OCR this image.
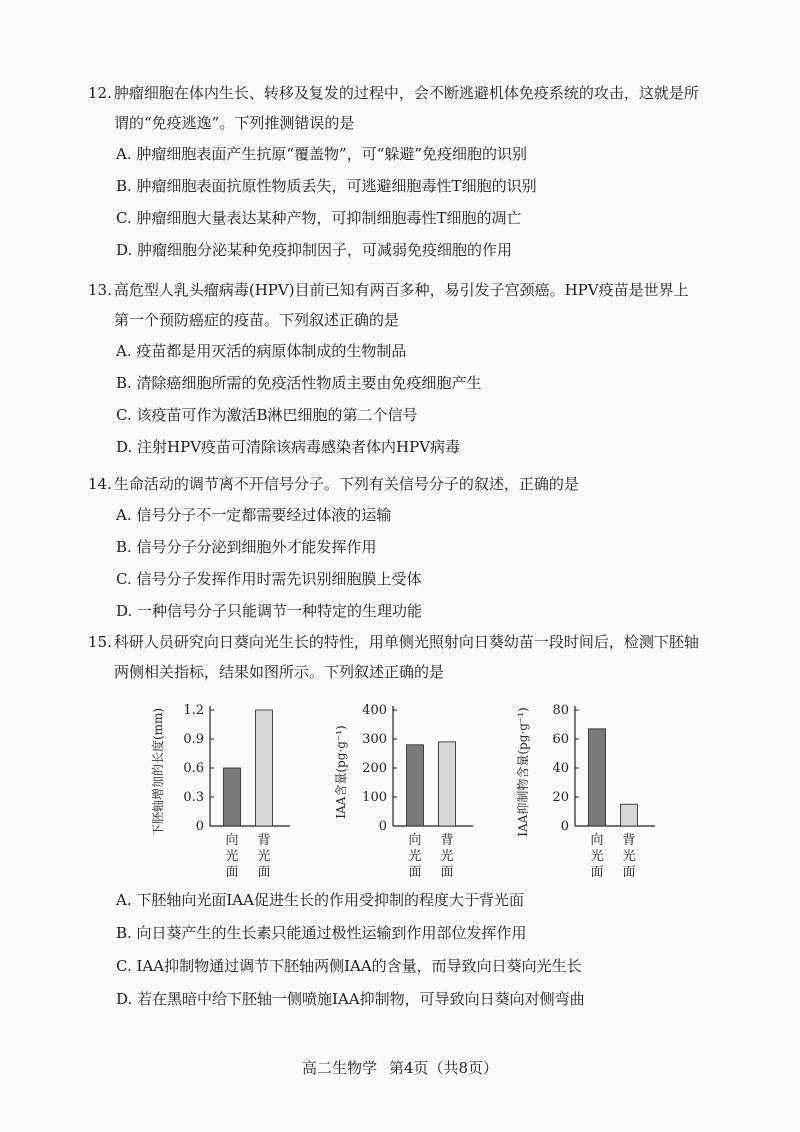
12. 肿瘤细胞在体内生长、转移及复发的过程中，会不断逃避机体免疫系统的攻击，这就是所

谓的“免疫逃逸”。下列推测错误的是

A. 肿瘤细胞表面产生抗原“覆盖物”，可“躲避”免疫细胞的识别

B. 肿瘤细胞表面抗原性物质丢失，可逃避细胞毒性T细胞的识别

C. 肿瘤细胞大量表达某种产物，可抑制细胞毒性T细胞的凋亡

D. 肿瘤细胞分泌某种免疫抑制因子，可减弱免疫细胞的作用

13. 高危型人乳头瘤病毒(HPV)目前已知有两百多种，易引发子宫颈癌。HPV疫苗是世界上

第一个预防癌症的疫苗。下列叙述正确的是

A. 疫苗都是用灭活的病原体制成的生物制品

B. 清除癌细胞所需的免疫活性物质主要由免疫细胞产生

C. 该疫苗可作为激活B淋巴细胞的第二个信号

D. 注射HPV疫苗可清除该病毒感染者体内HPV病毒

14. 生命活动的调节离不开信号分子。下列有关信号分子的叙述，正确的是

A. 信号分子不一定都需要经过体液的运输

B. 信号分子分泌到细胞外才能发挥作用

C. 信号分子发挥作用时需先识别细胞膜上受体

D. 一种信号分子只能调节一种特定的生理功能

15. 科研人员研究向日葵向光生长的特性，用单侧光照射向日葵幼苗一段时间后，检测下胚轴

两侧相关指标，结果如图所示。下列叙述正确的是

下胚轴增加的长度(mm) 0
0.3
0.6
0.9
1.2
向
光
面
背
光
面
IAA含量(pg·g⁻¹)
0
100
200
300
400
向
光
面
背
光
面
IAA抑制物含量(pg·g⁻¹) 0
20
40
60
80
向
光
面
背
光
面

A. 下胚轴向光面IAA促进生长的作用受抑制的程度大于背光面

B. 向日葵产生的生长素只能通过极性运输到作用部位发挥作用

C. IAA抑制物通过调节下胚轴两侧IAA的含量，而导致向日葵向光生长

D. 若在黑暗中给下胚轴一侧喷施IAA抑制物，可导致向日葵向对侧弯曲

高二生物学 第4页（共8页）
